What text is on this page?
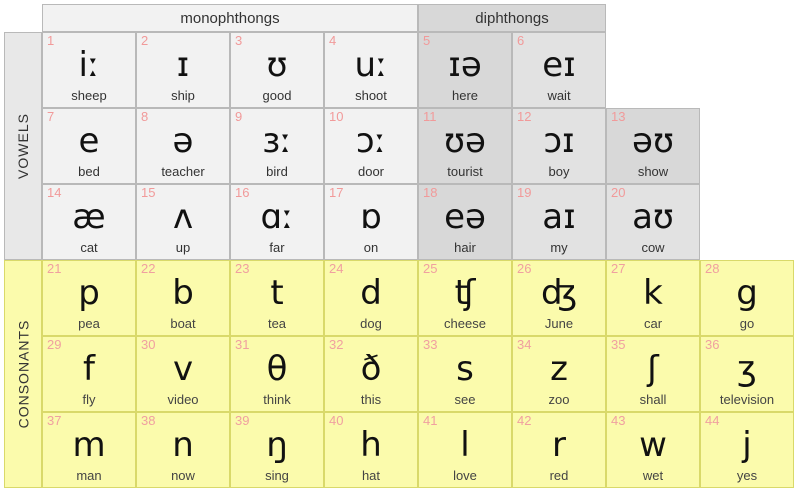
monophthongs	diphthongs
VOWELS
CONSONANTS
1
iː
sheep
2
ɪ
ship
3
ʊ
good
4
uː
shoot
5
ɪə
here
6
eɪ
wait
7
e
bed
8
ə
teacher
9
ɜː
bird
10
ɔː
door
11
ʊə
tourist
12
ɔɪ
boy
13
əʊ
show
14
æ
cat
15
ʌ
up
16
ɑː
far
17
ɒ
on
18
eə
hair
19
aɪ
my
20
aʊ
cow
21
p
pea
22
b
boat
23
t
tea
24
d
dog
25
ʧ
cheese
26
ʤ
June
27
k
car
28
g
go
29
f
fly
30
v
video
31
θ
think
32
ð
this
33
s
see
34
z
zoo
35
ʃ
shall
36
ʒ
television
37
m
man
38
n
now
39
ŋ
sing
40
h
hat
41
l
love
42
r
red
43
w
wet
44
j
yes
